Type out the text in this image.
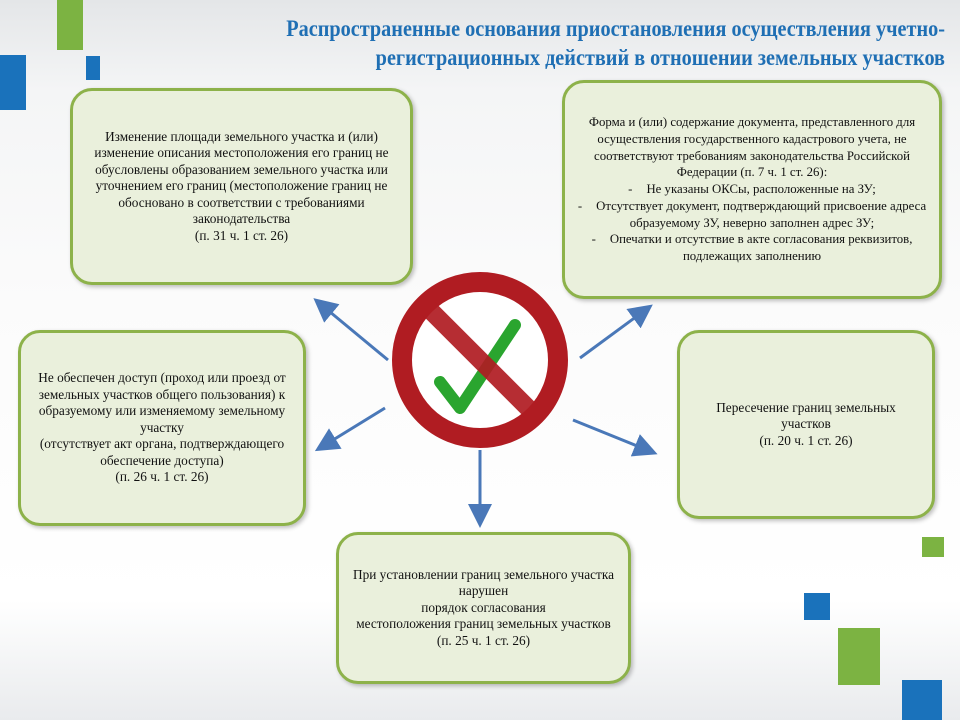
Распространенные основания приостановления осуществления учетно-
регистрационных действий в отношении земельных участков

Изменение площади земельного участка и (или) изменение описания местоположения его границ не обусловлены образованием земельного участка или уточнением его границ (местоположение границ не обосновано в соответствии с требованиями законодательства

(п. 31 ч. 1 ст. 26)

Форма и (или) содержание документа, представленного для осуществления государственного кадастрового учета, не соответствуют требованиям законодательства Российской Федерации (п. 7 ч. 1 ст. 26):

- Не указаны ОКСы, расположенные на ЗУ;

- Отсутствует документ, подтверждающий присвоение адреса образуемому ЗУ, неверно заполнен адрес ЗУ;

- Опечатки и отсутствие в акте согласования реквизитов, подлежащих заполнению

Не обеспечен доступ (проход или проезд от земельных участков общего пользования) к образуемому или изменяемому земельному участку

(отсутствует акт органа, подтверждающего обеспечение доступа)

(п. 26 ч. 1 ст. 26)

Пересечение границ земельных участков

(п. 20 ч. 1 ст. 26)

При установлении границ земельного участка нарушен

порядок согласования

местоположения границ земельных участков

(п. 25 ч. 1 ст. 26)
